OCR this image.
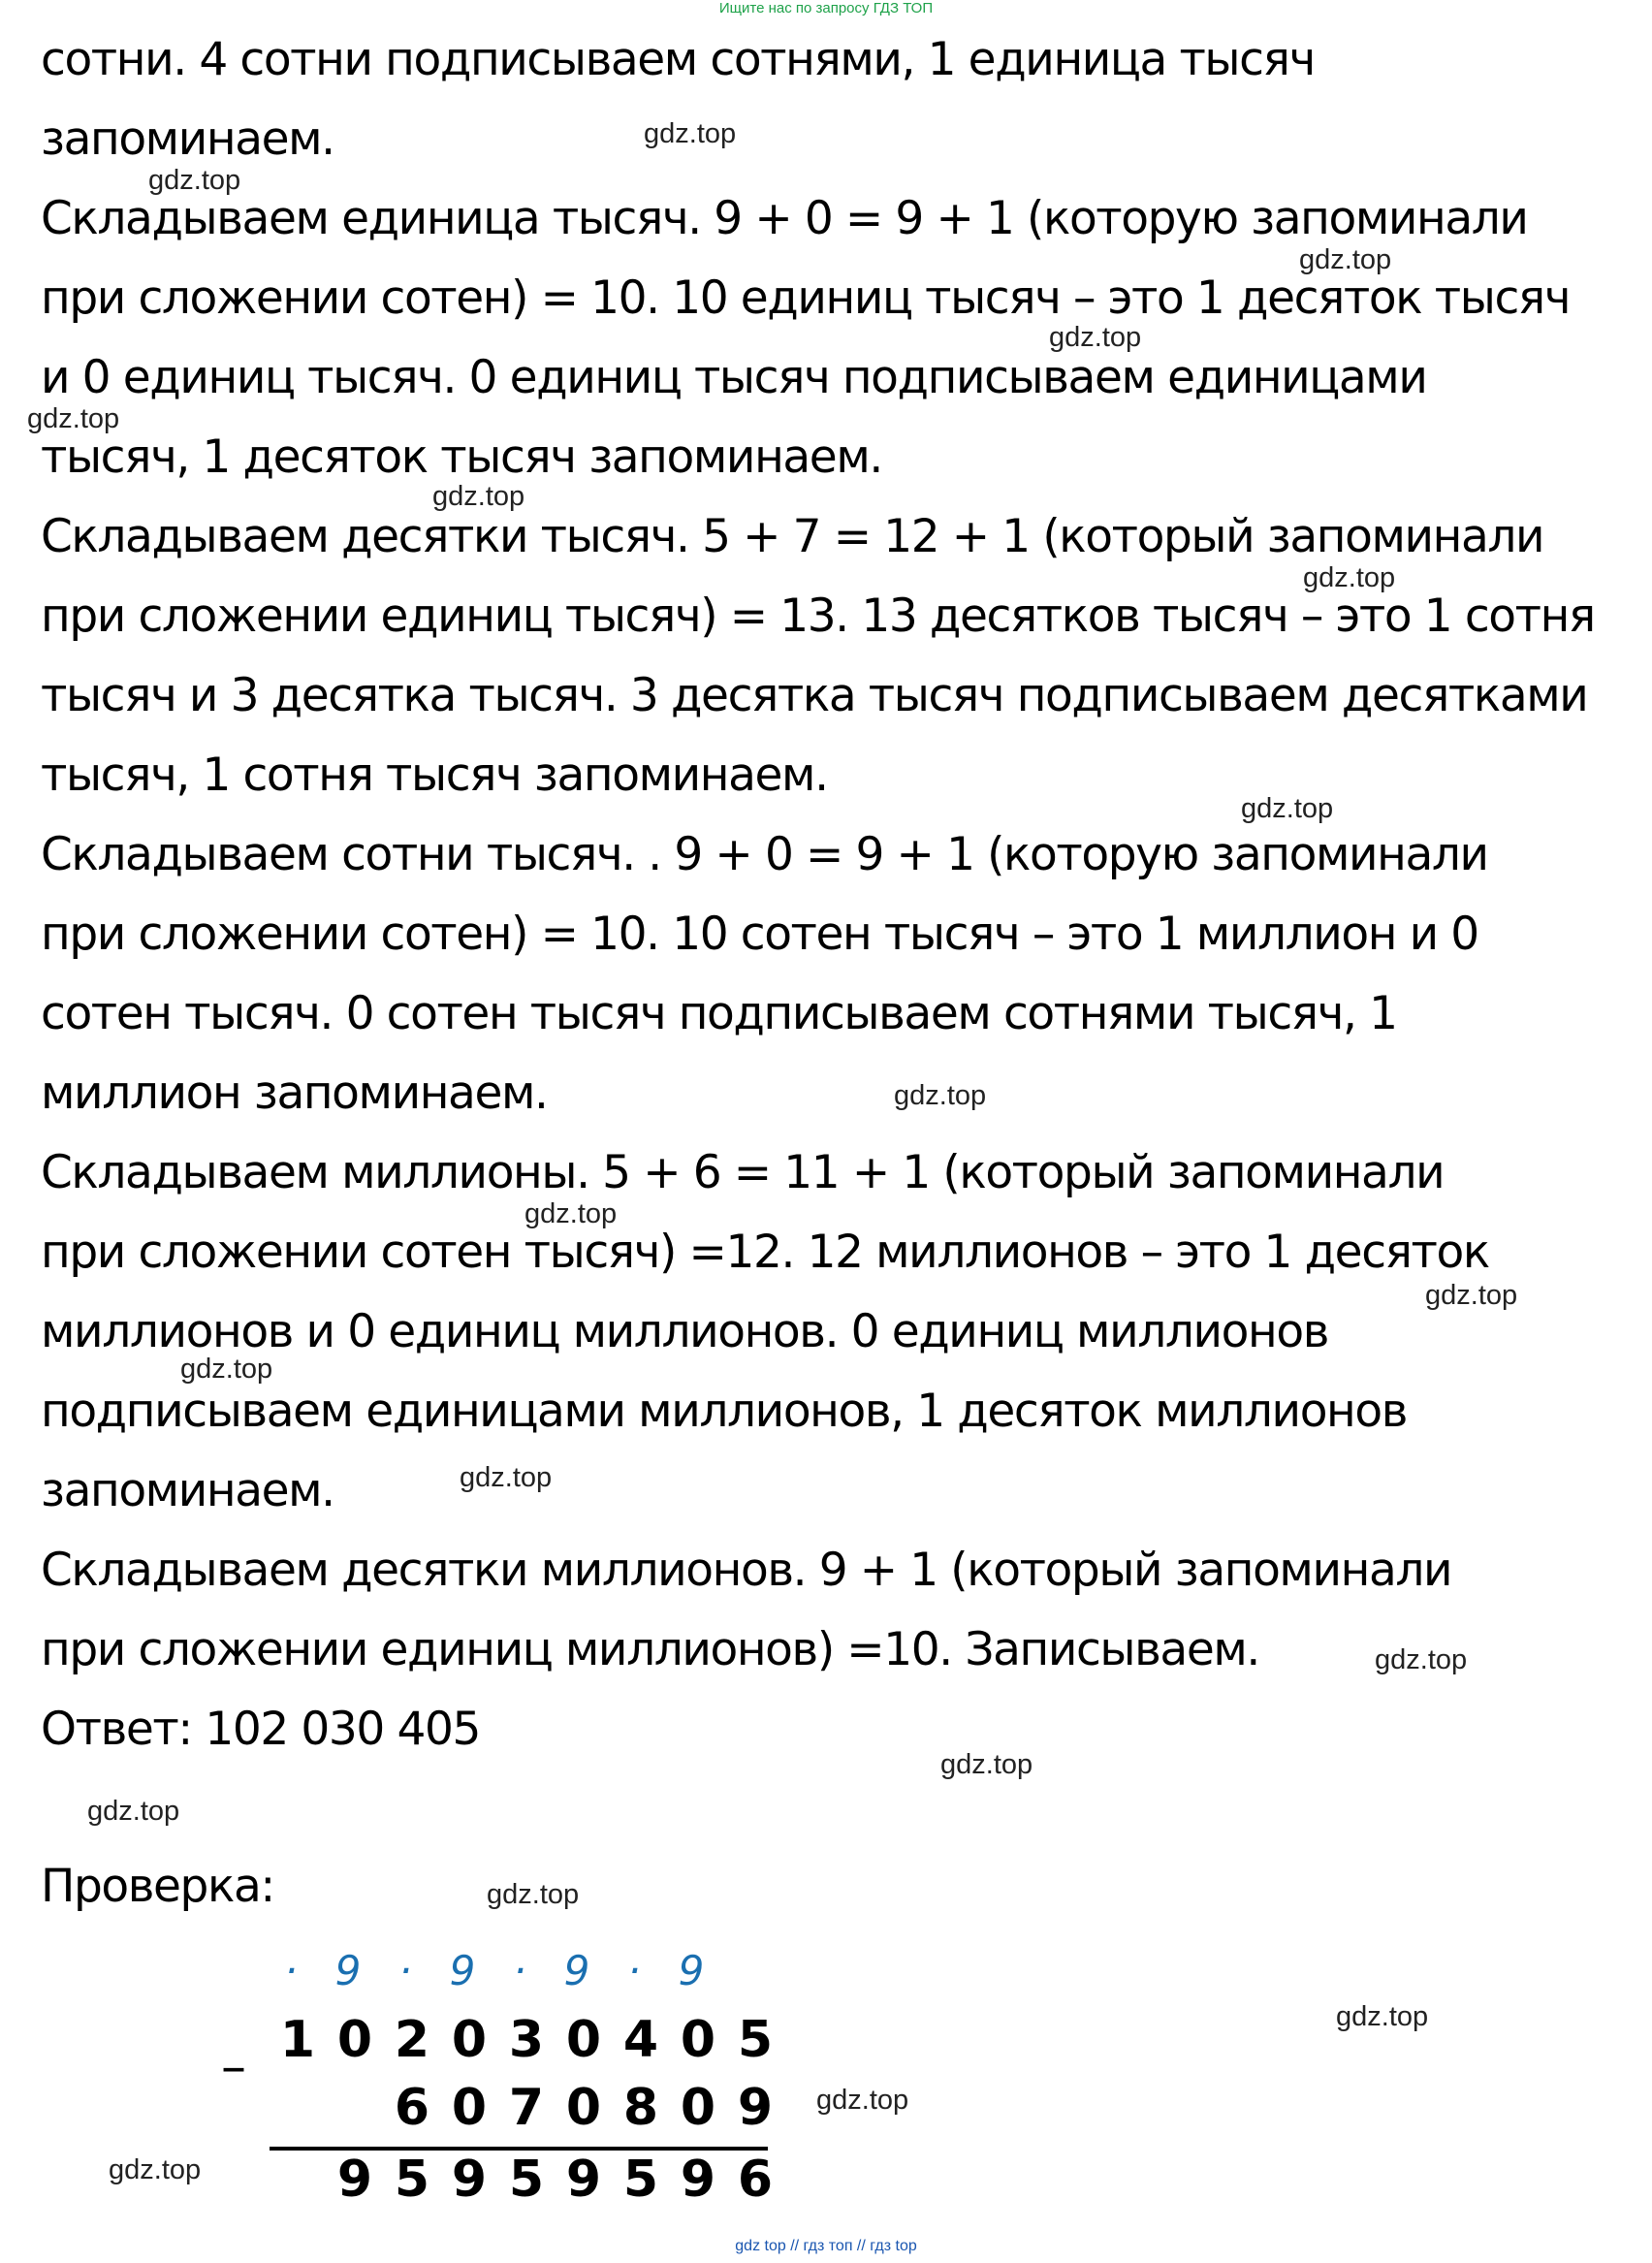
Ищите нас по запросу ГДЗ ТОП
сотни. 4 сотни подписываем сотнями, 1 единица тысяч
запоминаем.
Складываем единица тысяч. 9 + 0 = 9 + 1 (которую запоминали
при сложении сотен) = 10. 10 единиц тысяч – это 1 десяток тысяч
и 0 единиц тысяч. 0 единиц тысяч подписываем единицами
тысяч, 1 десяток тысяч запоминаем.
Складываем десятки тысяч. 5 + 7 = 12 + 1 (который запоминали
при сложении единиц тысяч) = 13. 13 десятков тысяч – это 1 сотня
тысяч и 3 десятка тысяч. 3 десятка тысяч подписываем десятками
тысяч, 1 сотня тысяч запоминаем.
Складываем сотни тысяч. . 9 + 0 = 9 + 1 (которую запоминали
при сложении сотен) = 10. 10 сотен тысяч – это 1 миллион и 0
сотен тысяч. 0 сотен тысяч подписываем сотнями тысяч, 1
миллион запоминаем.
Складываем миллионы. 5 + 6 = 11 + 1 (который запоминали
при сложении сотен тысяч) =12. 12 миллионов – это 1 десяток
миллионов и 0 единиц миллионов. 0 единиц миллионов
подписываем единицами миллионов, 1 десяток миллионов
запоминаем.
Складываем десятки миллионов. 9 + 1 (который запоминали
при сложении единиц миллионов) =10. Записываем.
Ответ: 102 030 405
Проверка:
gdz.top
gdz.top
gdz.top
gdz.top
gdz.top
gdz.top
gdz.top
gdz.top
gdz.top
gdz.top
gdz.top
gdz.top
gdz.top
gdz.top
gdz.top
gdz.top
gdz.top
gdz.top
gdz.top
gdz.top
· 9 · 9 · 9 · 9
1 0 2 0 3 0 4 0 5
–
6 0 7 0 8 0 9
9 5 9 5 9 5 9 6
gdz top // гдз топ // гдз top
